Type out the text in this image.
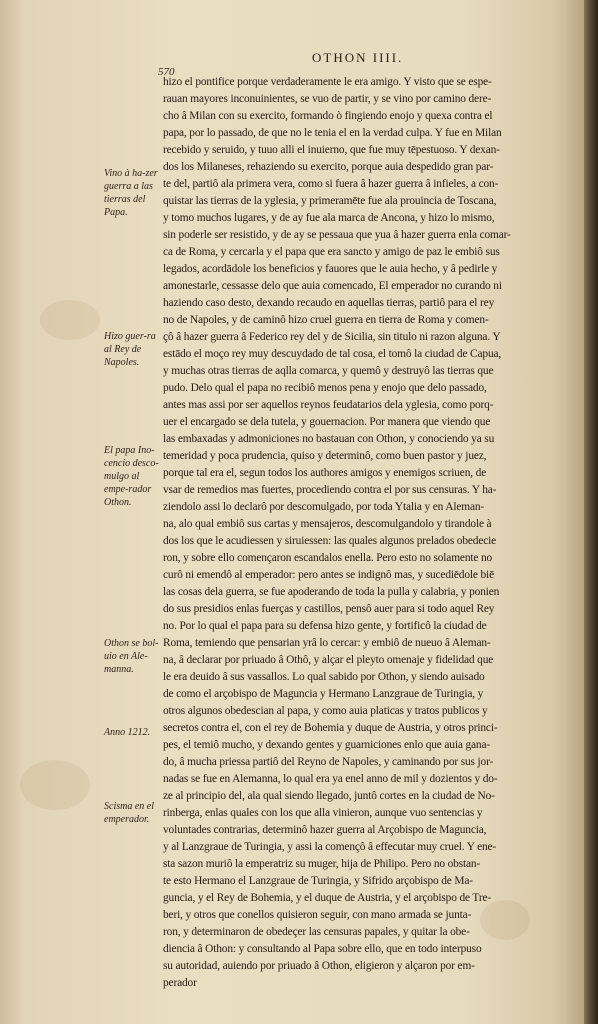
OTHON IIII.
570
Vino à ha-zer guerra a las tierras del Papa.
Hizo guer-ra al Rey de Napoles.
El papa Ino-cencio desco-mulgo al empe-rador Othon.
Othon se bol-uio en Ale-manna.
Anno 1212.
Scisma en el emperador.
hizo el pontifice porque verdaderamente le era amigo. Y visto que se espe-
rauan mayores inconuinientes, se vuo de partir, y se vino por camino dere-
cho â Milan con su exercito, formando ò fingiendo enojo y quexa contra el
papa, por lo passado, de que no le tenia el en la verdad culpa. Y fue en Milan
recebido y seruido, y tuuo alli el inuierno, que fue muy tēpestuoso. Y dexan-
dos los Milaneses, rehaziendo su exercito, porque auia despedido gran par-
te del, partiô ala primera vera, como si fuera â hazer guerra â infieles, a con-
quistar las tierras de la yglesia, y primeramēte fue ala prouincia de Toscana,
y tomo muchos lugares, y de ay fue ala marca de Ancona, y hizo lo mismo,
sin poderle ser resistido, y de ay se pessaua que yua â hazer guerra enla comar-
ca de Roma, y cercarla y el papa que era sancto y amigo de paz le embiô sus
legados, acordādole los beneficios y fauores que le auia hecho, y â pedirle y
amonestarle, cessasse delo que auia comencado, El emperador no curando ni
haziendo caso desto, dexando recaudo en aquellas tierras, partiô para el rey
no de Napoles, y de caminô hizo cruel guerra en tierra de Roma y comen-
çô â hazer guerra â Federico rey del y de Sicilia, sin titulo ni razon alguna. Y
estādo el moço rey muy descuydado de tal cosa, el tomô la ciudad de Capua,
y muchas otras tierras de aqlla comarca, y quemô y destruyô las tierras que
pudo. Delo qual el papa no recibiô menos pena y enojo que delo passado,
antes mas assi por ser aquellos reynos feudatarios dela yglesia, como porq-
uer el encargado se dela tutela, y gouernacion. Por manera que viendo que
las embaxadas y admoniciones no bastauan con Othon, y conociendo ya su
temeridad y poca prudencia, quiso y determinô, como buen pastor y juez,
porque tal era el, segun todos los authores amigos y enemigos scriuen, de
vsar de remedios mas fuertes, procediendo contra el por sus censuras. Y ha-
ziendolo assi lo declarô por descomulgado, por toda Ytalia y en Aleman-
na, alo qual embiô sus cartas y mensajeros, descomulgandolo y tirandole à
dos los que le acudiessen y siruiessen: las quales algunos prelados obedecie
ron, y sobre ello començaron escandalos enella. Pero esto no solamente no
curô ni emendô al emperador: pero antes se indignô mas, y sucediēdole biē
las cosas dela guerra, se fue apoderando de toda la pulla y calabria, y ponien
do sus presidios enlas fuerças y castillos, pensô auer para si todo aquel Rey
no. Por lo qual el papa para su defensa hizo gente, y fortificô la ciudad de
Roma, temiendo que pensarian yrâ lo cercar: y embiô de nueuo â Aleman-
na, â declarar por priuado â Othô, y alçar el pleyto omenaje y fidelidad que
le era deuido â sus vassallos. Lo qual sabido por Othon, y siendo auisado
de como el arçobispo de Maguncia y Hermano Lanzgraue de Turingia, y
otros algunos obedescian al papa, y como auia platicas y tratos publicos y
secretos contra el, con el rey de Bohemia y duque de Austria, y otros princi-
pes, el temiô mucho, y dexando gentes y guarniciones enlo que auia gana-
do, â mucha priessa partiô del Reyno de Napoles, y caminando por sus jor-
nadas se fue en Alemanna, lo qual era ya enel anno de mil y dozientos y do-
ze al principio del, ala qual siendo llegado, juntô cortes en la ciudad de No-
rinberga, enlas quales con los que alla vinieron, aunque vuo sentencias y
voluntades contrarias, determinô hazer guerra al Arçobispo de Maguncia,
y al Lanzgraue de Turingia, y assi la començô â effecutar muy cruel. Y ene-
sta sazon muriô la emperatriz su muger, hija de Philipo. Pero no obstan-
te esto Hermano el Lanzgraue de Turingia, y Sifrido arçobispo de Ma-
guncia, y el Rey de Bohemia, y el duque de Austria, y el arçobispo de Tre-
beri, y otros que conellos quisieron seguir, con mano armada se junta-
ron, y determinaron de obedeçer las censuras papales, y quitar la obe-
diencia â Othon: y consultando al Papa sobre ello, que en todo interpuso
su autoridad, auiendo por priuado â Othon, eligieron y alçaron por em-
perador
